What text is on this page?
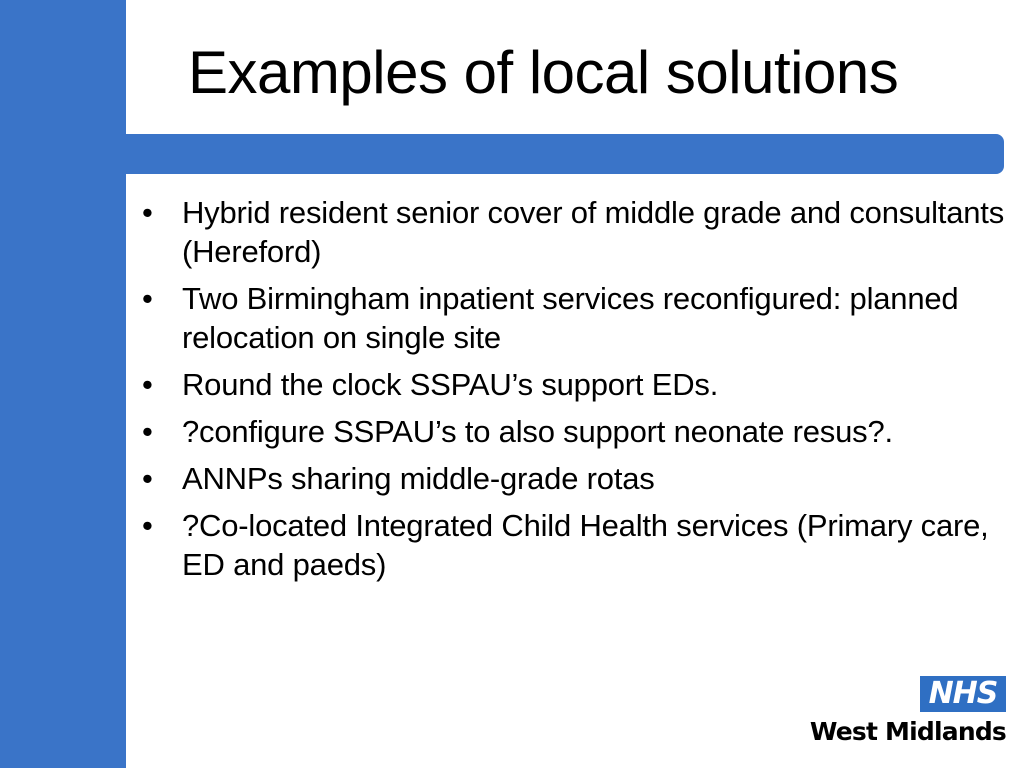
Examples of local solutions
• Hybrid resident senior cover of middle grade and consultants (Hereford)
• Two Birmingham inpatient services reconfigured: planned relocation on single site
• Round the clock SSPAU’s support EDs.
• ?configure SSPAU’s to also support neonate resus?.
• ANNPs sharing middle-grade rotas
• ?Co-located Integrated Child Health services (Primary care, ED and paeds)
NHS
West Midlands
